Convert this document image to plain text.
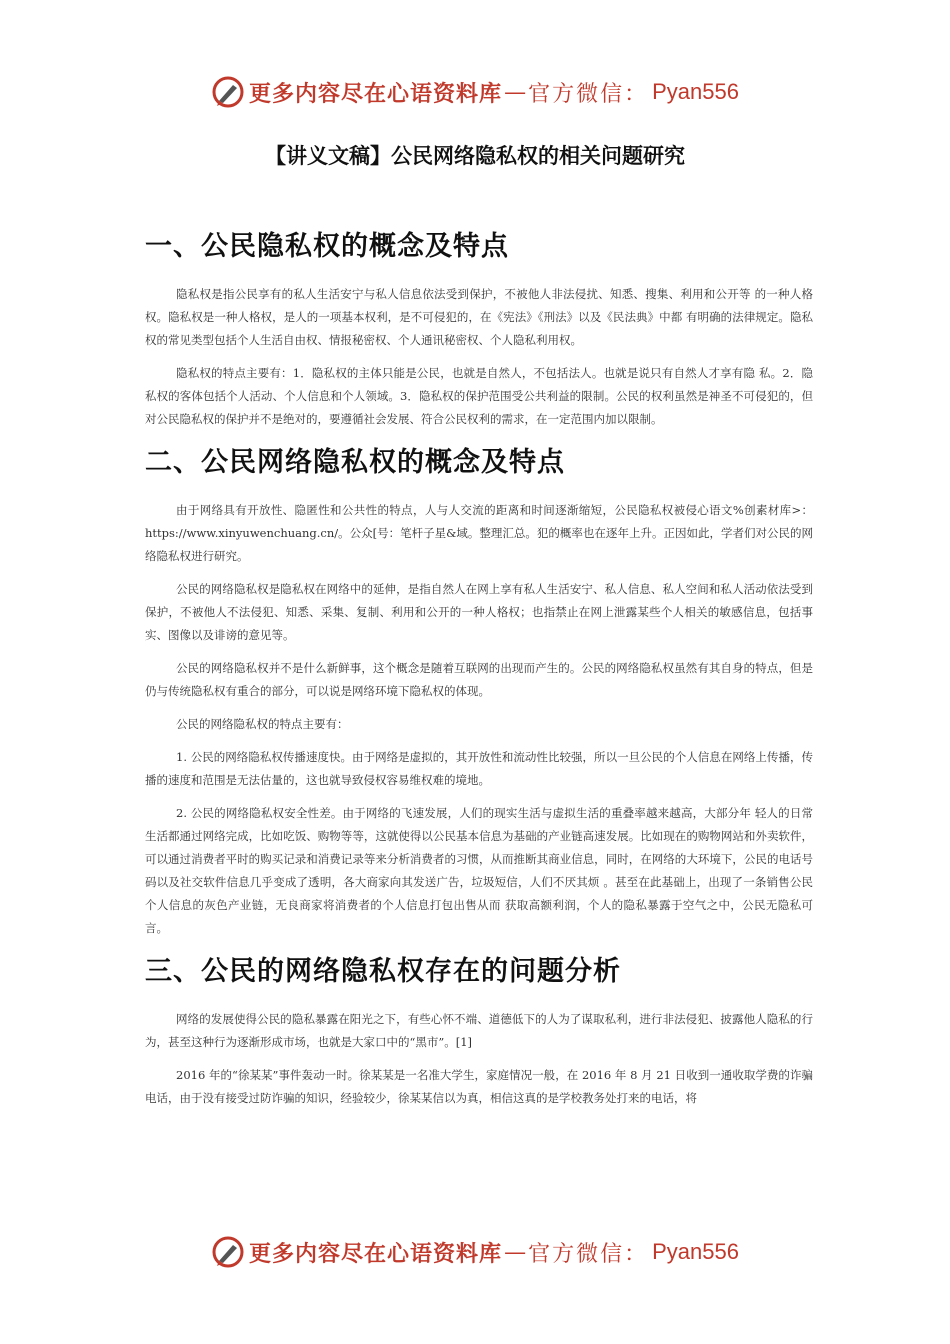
更多内容尽在心语资料库 — 官方微信： Pyan556
【讲义文稿】公民网络隐私权的相关问题研究
一、公民隐私权的概念及特点

隐私权是指公民享有的私人生活安宁与私人信息依法受到保护，不被他人非法侵扰、知悉、搜集、利用和公开等 的一种人格权。隐私权是一种人格权，是人的一项基本权利，是不可侵犯的，在《宪法》《刑法》以及《民法典》中都 有明确的法律规定。隐私权的常见类型包括个人生活自由权、情报秘密权、个人通讯秘密权、个人隐私利用权。

隐私权的特点主要有：1．隐私权的主体只能是公民，也就是自然人，不包括法人。也就是说只有自然人才享有隐 私。2．隐私权的客体包括个人活动、个人信息和个人领域。3．隐私权的保护范围受公共利益的限制。公民的权利虽然是神圣不可侵犯的，但对公民隐私权的保护并不是绝对的，要遵循社会发展、符合公民权利的需求，在一定范围内加以限制。

二、公民网络隐私权的概念及特点

由于网络具有开放性、隐匿性和公共性的特点，人与人交流的距离和时间逐渐缩短，公民隐私权被侵心语文%创素材库>：https://www.xinyuwenchuang.cn/。公众[号：笔杆子星&域。整理汇总。犯的概率也在逐年上升。正因如此，学者们对公民的网络隐私权进行研究。

公民的网络隐私权是隐私权在网络中的延伸，是指自然人在网上享有私人生活安宁、私人信息、私人空间和私人活动依法受到保护，不被他人不法侵犯、知悉、采集、复制、利用和公开的一种人格权；也指禁止在网上泄露某些个人相关的敏感信息，包括事实、图像以及诽谤的意见等。

公民的网络隐私权并不是什么新鲜事，这个概念是随着互联网的出现而产生的。公民的网络隐私权虽然有其自身的特点，但是仍与传统隐私权有重合的部分，可以说是网络环境下隐私权的体现。

公民的网络隐私权的特点主要有：

1. 公民的网络隐私权传播速度快。由于网络是虚拟的，其开放性和流动性比较强，所以一旦公民的个人信息在网络上传播，传播的速度和范围是无法估量的，这也就导致侵权容易维权难的境地。

2. 公民的网络隐私权安全性差。由于网络的飞速发展，人们的现实生活与虚拟生活的重叠率越来越高，大部分年 轻人的日常生活都通过网络完成，比如吃饭、购物等等，这就使得以公民基本信息为基础的产业链高速发展。比如现在的购物网站和外卖软件，可以通过消费者平时的购买记录和消费记录等来分析消费者的习惯，从而推断其商业信息，同时，在网络的大环境下，公民的电话号码以及社交软件信息几乎变成了透明，各大商家向其发送广告，垃圾短信，人们不厌其烦 。甚至在此基础上，出现了一条销售公民个人信息的灰色产业链，无良商家将消费者的个人信息打包出售从而 获取高额利润，个人的隐私暴露于空气之中，公民无隐私可言。

三、公民的网络隐私权存在的问题分析

网络的发展使得公民的隐私暴露在阳光之下，有些心怀不端、道德低下的人为了谋取私利，进行非法侵犯、披露他人隐私的行为，甚至这种行为逐渐形成市场，也就是大家口中的“黑市”。[1]

2016 年的“徐某某”事件轰动一时。徐某某是一名准大学生，家庭情况一般，在 2016 年 8 月 21 日收到一通收取学费的诈骗电话，由于没有接受过防诈骗的知识，经验较少，徐某某信以为真，相信这真的是学校教务处打来的电话，将

更多内容尽在心语资料库 — 官方微信： Pyan556
